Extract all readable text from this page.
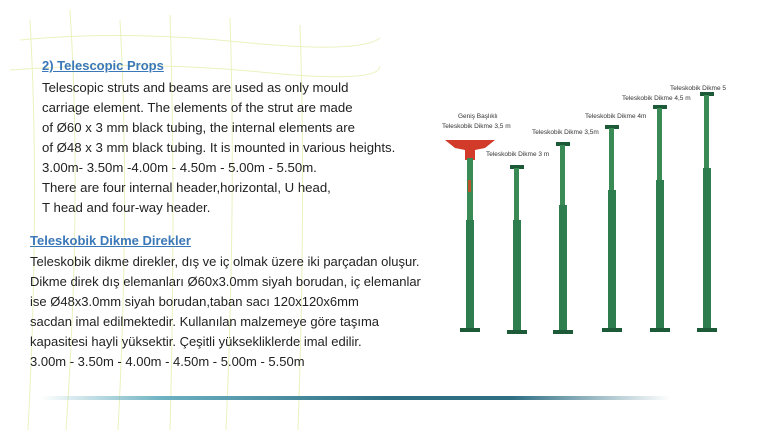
2) Telescopic Props
Telescopic struts and beams are used as only mould
carriage element. The elements of the strut are made
of Ø60 x 3 mm black tubing, the internal elements are
of Ø48 x 3 mm black tubing. It is mounted in various heights.
3.00m- 3.50m -4.00m - 4.50m - 5.00m - 5.50m.
There are four internal header,horizontal, U head,
T head and four-way header.
Teleskobik Dikme Direkler
Teleskobik dikme direkler, dış ve iç olmak üzere iki parçadan oluşur.
Dikme direk dış elemanları Ø60x3.0mm siyah borudan, iç elemanlar
ise Ø48x3.0mm siyah borudan,taban sacı 120x120x6mm
sacdan imal edilmektedir. Kullanılan malzemeye göre taşıma
kapasitesi hayli yüksektir. Çeşitli yüksekliklerde imal edilir.
3.00m - 3.50m - 4.00m - 4.50m - 5.00m - 5.50m
Geniş Başlıklı
Teleskobik Dikme 3,5 m
Teleskobik Dikme 3 m
Teleskobik Dikme 3,5m
Teleskobik Dikme 4m
Teleskobik Dikme 4,5 m
Teleskobik Dikme 5
